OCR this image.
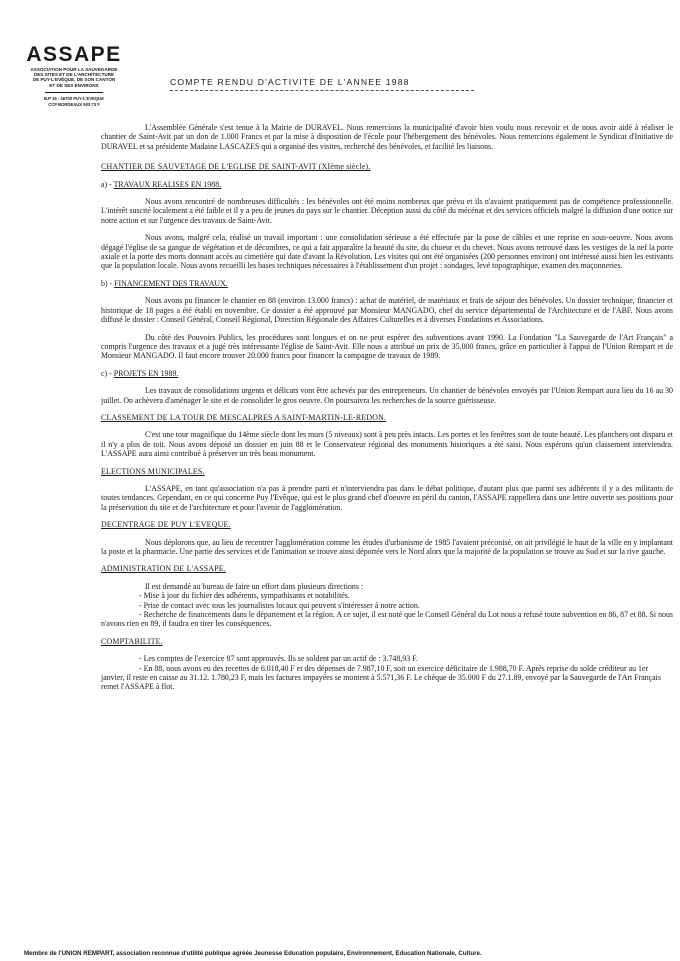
ASSAPE
ASSOCIATION POUR LA SAUVEGARDE
DES SITES ET DE L'ARCHITECTURE
DE PUY-L'EVÊQUE, DE SON CANTON
ET DE SES ENVIRONS
B.P 15 - 46700 PUY-L'EVEQUE
CCP BORDEAUX 503 73 F
COMPTE RENDU D'ACTIVITE DE L'ANNEE 1988

L'Assemblée Générale s'est tenue à la Mairie de DURAVEL. Nous remercions la municipalité d'avoir bien voulu nous recevoir et de nous avoir aidé à réaliser le chantier de Saint-Avit par un don de 1.000 Francs et par la mise à disposition de l'école pour l'hébergement des bénévoles. Nous remercions également le Syndicat d'Initiative de DURAVEL et sa présidente Madaine LASCAZES qui a organisé des visites, recherché des bénévoles, et facilité les liaisons.

CHANTIER DE SAUVETAGE DE L'EGLISE DE SAINT-AVIT (XIème siècle).

a) - TRAVAUX REALISES EN 1988.

Nous avons rencontré de nombreuses difficultés : les bénévoles ont été moins nombreux que prévu et ils n'avaient pratiquement pas de compétence professionnelle. L'intérêt suscité localement a été faible et il y a peu de jeunes du pays sur le chantier. Déception aussi du côté du mécénat et des services officiels malgré la diffusion d'une notice sur notre action et sur l'urgence des travaux de Saint-Avit.

Nous avons, malgré cela, réalisé un travail important : une consolidation sérieuse a été effectuée par la pose de câbles et une reprise en sous-oeuvre. Nous avons dégagé l'église de sa gangue de végétation et de décombres, ce qui a fait apparaître la beauté du site, du choeur et du chevet. Nous avons retrouvé dans les vestiges de la nef la porte axiale et la porte des morts donnant accès au cimetière qui date d'avant la Révolution. Les visites qui ont été organisées (200 personnes environ) ont intéressé aussi bien les estivants que la population locale. Nous avons recueilli les bases techniques nécessaires à l'établissement d'un projet : sondages, levé topographique, examen des maçonneries.

b) - FINANCEMENT DES TRAVAUX.

Nous avons pu financer le chantier en 88 (environ 13.000 francs) : achat de matériel, de matériaux et frais de séjour des bénévoles. Un dossier technique, financier et historique de 18 pages a été établi en novembre. Ce dossier a été approuvé par Monsieur MANGADO, chef du service départemental de l'Architecture et de l'ABF. Nous avons diffusé le dossier : Conseil Général, Conseil Régional, Direction Régionale des Affaires Culturelles et à diverses Fondations et Associations.

Du côté des Pouvoirs Publics, les procédures sont longues et on ne peut espérer des subventions avant 1990. La Fondation "La Sauvegarde de l'Art Français" a compris l'urgence des travaux et a jugé très intéressante l'église de Saint-Avit. Elle nous a attribué un prix de 35.000 francs, grâce en particulier à l'appui de l'Union Rempart et de Monsieur MANGADO. Il faut encore trouver 20.000 francs pour financer la campagne de travaux de 1989.

c) - PROJETS EN 1989.

Les travaux de consolidations urgents et délicats vont être achevés par des entrepreneurs. Un chantier de bénévoles envoyés par l'Union Rempart aura lieu du 16 au 30 juillet. On achèvera d'aménager le site et de consolider le gros oeuvre. On poursuivra les recherches de la source guérisseuse.

CLASSEMENT DE LA TOUR DE MESCALPRES A SAINT-MARTIN-LE-REDON.

C'est une tour magnifique du 14ème siècle dont les murs (5 niveaux) sont à peu près intacts. Les portes et les fenêtres sont de toute beauté. Les planchers ont disparu et il n'y a plus de toit. Nous avons déposé un dossier en juin 88 et le Conservateur régional des monuments historiques a été saisi. Nous espérons qu'un classement interviendra. L'ASSAPE aura ainsi contribué à préserver un très beau monument.

ELECTIONS MUNICIPALES.

L'ASSAPE, en tant qu'association n'a pas à prendre parti et n'interviendra pas dans le débat politique, d'autant plus que parmi ses adhérents il y a des militants de toutes tendances. Cependant, en ce qui concerne Puy l'Evêque, qui est le plus grand chef d'oeuvre en péril du canton, l'ASSAPE rappellera dans une lettre ouverte ses positions pour la préservation du site et de l'architecture et pour l'avenir de l'agglomération.

DECENTRAGE DE PUY L'EVEQUE.

Nous déplorons que, au lieu de recentrer l'agglomération comme les études d'urbanisme de 1985 l'avaient préconisé, on ait privilégié le haut de la ville en y implantant la poste et la pharmacie. Une partie des services et de l'animation se trouve ainsi déportée vers le Nord alors que la majorité de la population se trouve au Sud et sur la rive gauche.

ADMINISTRATION DE L'ASSAPE.

Il est demandé au bureau de faire un effort dans plusieurs directions :

- Mise à jour du fichier des adhérents, sympathisants et notabilités.
- Prise de contact avec tous les journalistes locaux qui peuvent s'intéresser à notre action.
- Recherche de financements dans le département et la région. A ce sujet, il est noté que le Conseil Général du Lot nous a refusé toute subvention en 86, 87 et 88. Si nous n'avons rien en 89, il faudra en tirer les conséquences.

COMPTABILITE.

- Les comptes de l'exercice 87 sont approuvés. Ils se soldent par un actif de : 3.748,93 F.
- En 88, nous avons eu des recettes de 6.018,40 F et des dépenses de 7.987,10 F, soit un exercice déficitaire de 1.988,70 F. Après reprise du solde créditeur au 1er janvier, il reste en caisse au 31.12. 1.780,23 F, mais les factures impayées se montent à 5.571,36 F. Le chèque de 35.000 F du 27.1.89, envoyé par la Sauvegarde de l'Art Français remet l'ASSAPE à flot.
Membre de l'UNION REMPART, association reconnue d'utilité publique agréée Jeunesse Education populaire, Environnement, Education Nationale, Culture.
